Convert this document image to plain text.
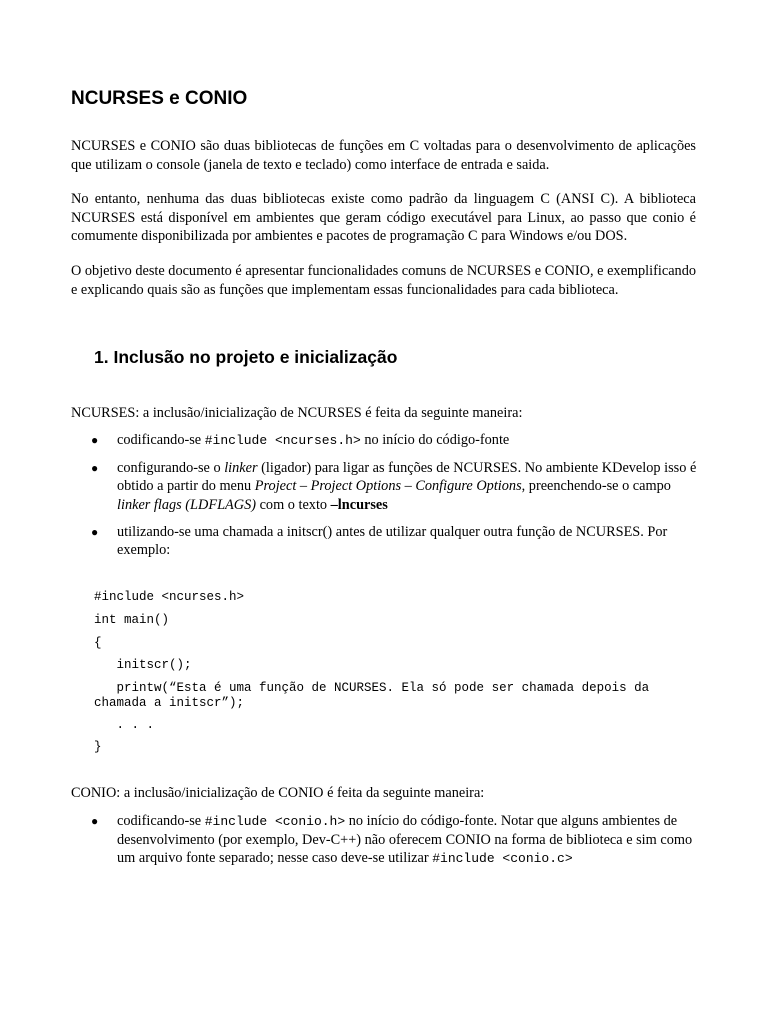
NCURSES e CONIO

NCURSES e CONIO são duas bibliotecas de funções em C voltadas para o desenvolvimento de aplicações que utilizam o console (janela de texto e teclado) como interface de entrada e saida.

No entanto, nenhuma das duas bibliotecas existe como padrão da linguagem C (ANSI C). A biblioteca NCURSES está disponível em ambientes que geram código executável para Linux, ao passo que conio é comumente disponibilizada por ambientes e pacotes de programação C para Windows e/ou DOS.

O objetivo deste documento é apresentar funcionalidades comuns de NCURSES e CONIO, e exemplificando e explicando quais são as funções que implementam essas funcionalidades para cada biblioteca.

1. Inclusão no projeto e inicialização

NCURSES: a inclusão/inicialização de NCURSES é feita da seguinte maneira:

● codificando-se #include <ncurses.h> no início do código-fonte
● configurando-se o linker (ligador) para ligar as funções de NCURSES. No ambiente KDevelop isso é obtido a partir do menu Project – Project Options – Configure Options, preenchendo-se o campo linker flags (LDFLAGS) com o texto –lncurses
● utilizando-se uma chamada a initscr() antes de utilizar qualquer outra função de NCURSES. Por exemplo:
#include <ncurses.h>
int main()
{
initscr();
printw(“Esta é uma função de NCURSES. Ela só pode ser chamada depois da
chamada a initscr”);
. . .
}

CONIO: a inclusão/inicialização de CONIO é feita da seguinte maneira:

● codificando-se #include <conio.h> no início do código-fonte. Notar que alguns ambientes de desenvolvimento (por exemplo, Dev-C++) não oferecem CONIO na forma de biblioteca e sim como um arquivo fonte separado; nesse caso deve-se utilizar #include <conio.c>
